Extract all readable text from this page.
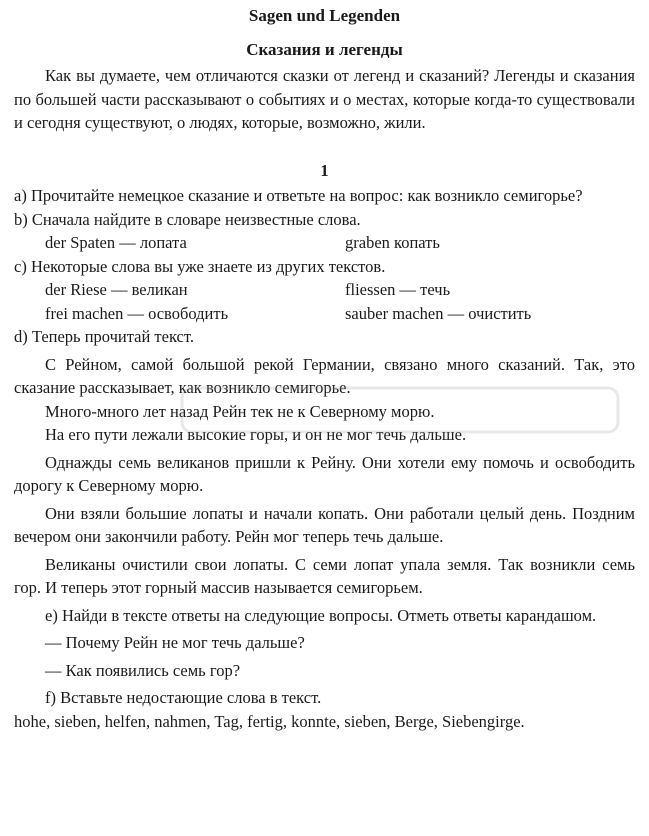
Sagen und Legenden
Сказания и легенды

Как вы думаете, чем отличаются сказки от легенд и сказаний? Легенды и сказания по большей части рассказывают о событиях и о местах, которые когда-то существовали и сегодня существуют, о людях, которые, возможно, жили.

1

a) Прочитайте немецкое сказание и ответьте на вопрос: как возникло семигорье?

b) Сначала найдите в словаре неизвестные слова.

der Spaten — лопата	graben копать

c) Некоторые слова вы уже знаете из других текстов.

der Riese — великан	fliessen — течь
frei machen — освободить	sauber machen — очистить

d) Теперь прочитай текст.

С Рейном, самой большой рекой Германии, связано много сказаний. Так, это сказание рассказывает, как возникло семигорье.

Много-много лет назад Рейн тек не к Северному морю.

На его пути лежали высокие горы, и он не мог течь дальше.

Однажды семь великанов пришли к Рейну. Они хотели ему помочь и освободить дорогу к Северному морю.

Они взяли большие лопаты и начали копать. Они работали целый день. Поздним вечером они закончили работу. Рейн мог теперь течь дальше.

Великаны очистили свои лопаты. С семи лопат упала земля. Так возникли семь гор. И теперь этот горный массив называется семигорьем.

e) Найди в тексте ответы на следующие вопросы. Отметь ответы карандашом.

— Почему Рейн не мог течь дальше?

— Как появились семь гор?

f) Вставьте недостающие слова в текст.

hohe, sieben, helfen, nahmen, Tag, fertig, konnte, sieben, Berge, Siebengirge.
